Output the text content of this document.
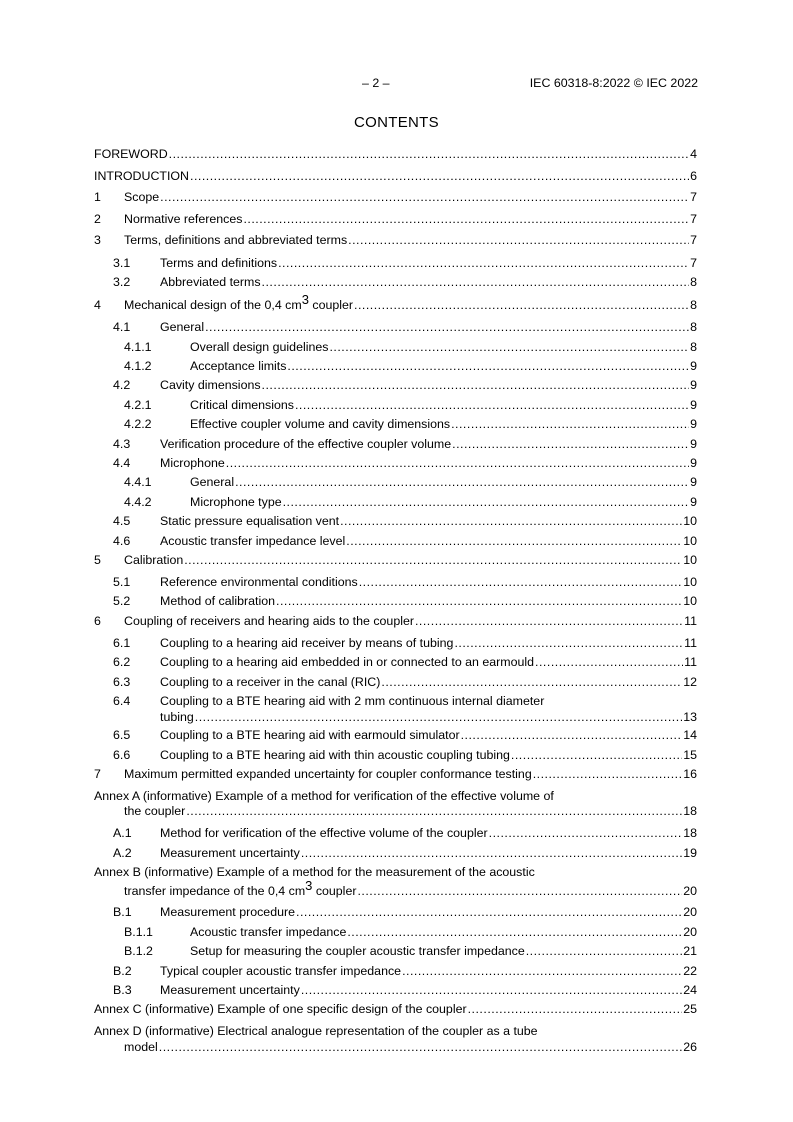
– 2 –	IEC 60318-8:2022 © IEC 2022
CONTENTS
FOREWORD .....	4
INTRODUCTION .....	6
1 Scope .....	7
2 Normative references .....	7
3 Terms, definitions and abbreviated terms .....	7
3.1 Terms and definitions .....	7
3.2 Abbreviated terms .....	8
4 Mechanical design of the 0,4 $cm^3$ coupler .....	8
4.1 General .....	8
4.1.1	Overall design guidelines .....	8
4.1.2	Acceptance limits .....	9
4.2 Cavity dimensions .....	9
4.2.1	Critical dimensions .....	9
4.2.2	Effective coupler volume and cavity dimensions .....	9
4.3 Verification procedure of the effective coupler volume .....	9
4.4 Microphone .....	9
4.4.1	General .....	9
4.4.2	Microphone type .....	9
4.5 Static pressure equalisation vent .....	10
4.6 Acoustic transfer impedance level .....	10
5 Calibration .....	10
5.1 Reference environmental conditions .....	10
5.2 Method of calibration .....	10
6 Coupling of receivers and hearing aids to the coupler .....	11
6.1 Coupling to a hearing aid receiver by means of tubing .....	11
6.2 Coupling to a hearing aid embedded in or connected to an earmould .....	11
6.3 Coupling to a receiver in the canal (RIC) .....	12
6.4 Coupling to a BTE hearing aid with 2 mm continuous internal diameter
tubing .....	13
6.5 Coupling to a BTE hearing aid with earmould simulator .....	14
6.6 Coupling to a BTE hearing aid with thin acoustic coupling tubing .....	15
7 Maximum permitted expanded uncertainty for coupler conformance testing .....	16
Annex A (informative) Example of a method for verification of the effective volume of
the coupler .....	18
A.1 Method for verification of the effective volume of the coupler .....	18
A.2 Measurement uncertainty .....	19
Annex B (informative) Example of a method for the measurement of the acoustic
transfer impedance of the 0,4 $cm^3$ coupler .....	20
B.1 Measurement procedure .....	20
B.1.1	Acoustic transfer impedance .....	20
B.1.2	Setup for measuring the coupler acoustic transfer impedance .....	21
B.2 Typical coupler acoustic transfer impedance .....	22
B.3 Measurement uncertainty .....	24
Annex C (informative) Example of one specific design of the coupler .....	25
Annex D (informative) Electrical analogue representation of the coupler as a tube
model .....	26
